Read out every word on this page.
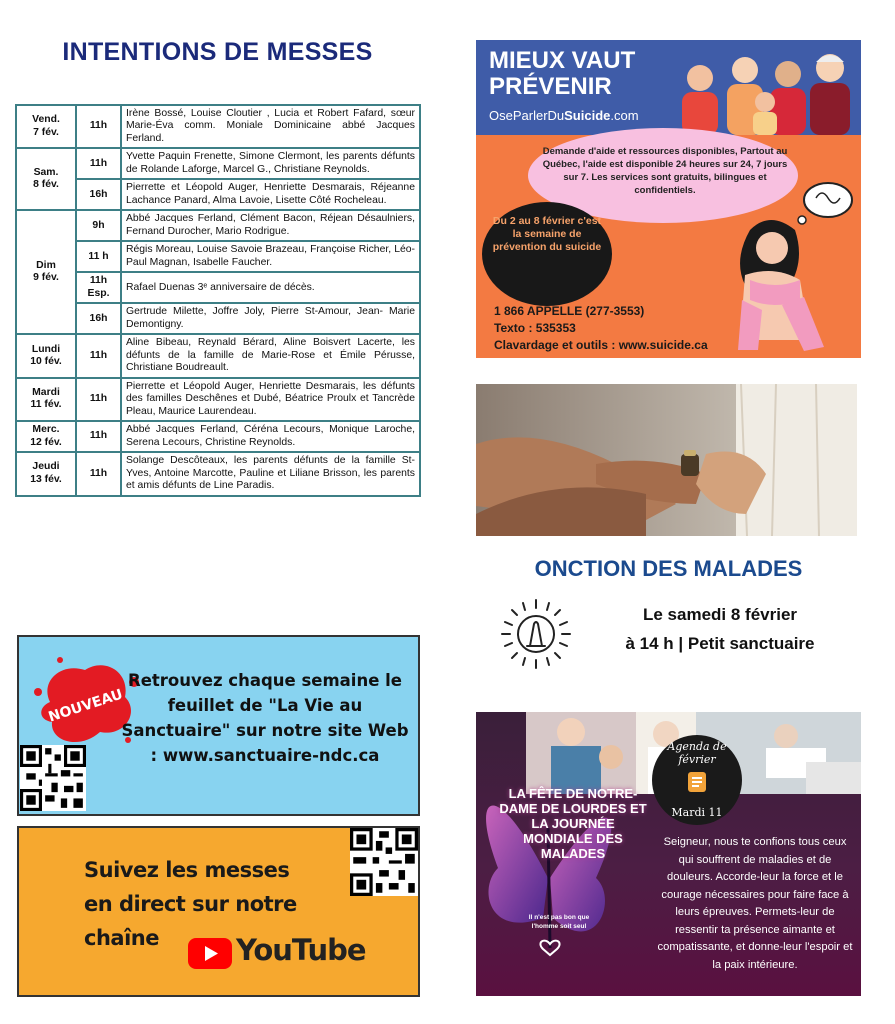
INTENTIONS DE MESSES
Vend.
7 fév.	11h	Irène Bossé, Louise Cloutier , Lucia et Robert Fafard, sœur Marie-Éva comm. Moniale Dominicaine abbé Jacques Ferland.
Sam.
8 fév.	11h	Yvette Paquin Frenette, Simone Clermont, les parents défunts de Rolande Laforge, Marcel G., Christiane Reynolds.
	16h	Pierrette et Léopold Auger, Henriette Desmarais, Réjeanne Lachance Panard, Alma Lavoie, Lisette Côté Rocheleau.
Dim
9 fév.	9h	Abbé Jacques Ferland, Clément Bacon, Réjean Désaulniers, Fernand Durocher, Mario Rodrigue.
	11 h	Régis Moreau, Louise Savoie Brazeau, Françoise Richer, Léo-Paul Magnan, Isabelle Faucher.
	11h
Esp.	Rafael Duenas 3ᵉ anniversaire de décès.
	16h	Gertrude Milette, Joffre Joly, Pierre St-Amour, Jean- Marie Demontigny.
Lundi
10 fév.	11h	Aline Bibeau, Reynald Bérard, Aline Boisvert Lacerte, les défunts de la famille de Marie-Rose et Émile Pérusse, Christiane Boudreault.
Mardi
11 fév.	11h	Pierrette et Léopold Auger, Henriette Desmarais, les défunts des familles Deschênes et Dubé, Béatrice Proulx et Tancrède Pleau, Maurice Laurendeau.
Merc.
12 fév.	11h	Abbé Jacques Ferland, Céréna Lecours, Monique Laroche, Serena Lecours, Christine Reynolds.
Jeudi
13 fév.	11h	Solange Descôteaux, les parents défunts de la famille St-Yves, Antoine Marcotte, Pauline et Liliane Brisson, les parents et amis défunts de Line Paradis.
NOUVEAU
Retrouvez chaque semaine le feuillet de "La Vie au Sanctuaire" sur notre site Web : www.sanctuaire-ndc.ca
Suivez les messes en direct sur notre chaîne	YouTube
MIEUX VAUT
PRÉVENIR
OseParlerDuSuicide.com
Demande d'aide et ressources disponibles, Partout au Québec, l'aide est disponible 24 heures sur 24, 7 jours sur 7. Les services sont gratuits, bilingues et confidentiels.
Du 2 au 8 février c'est la semaine de prévention du suicide
1 866 APPELLE (277-3553)
Texto : 535353
Clavardage et outils : www.suicide.ca
ONCTION DES MALADES
Le samedi 8 février
à 14 h | Petit sanctuaire
LA FÊTE DE NOTRE-DAME DE LOURDES ET LA JOURNÉE MONDIALE DES MALADES
Il n'est pas bon que l'homme soit seul
Agenda de février
Mardi 11
Seigneur, nous te confions tous ceux qui souffrent de maladies et de douleurs. Accorde-leur la force et le courage nécessaires pour faire face à leurs épreuves. Permets-leur de ressentir ta présence aimante et compatissante, et donne-leur l'espoir et la paix intérieure.
